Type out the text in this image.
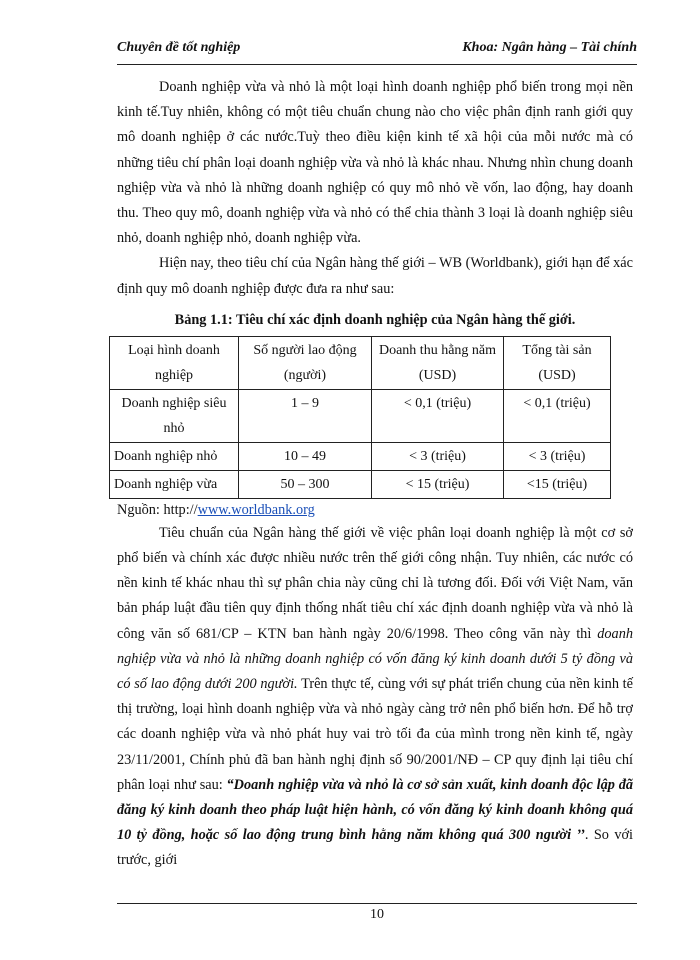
Chuyên đề tốt nghiệp	Khoa: Ngân hàng – Tài chính

Doanh nghiệp vừa và nhỏ là một loại hình doanh nghiệp phổ biến trong mọi nền kinh tế.Tuy nhiên, không có một tiêu chuẩn chung nào cho việc phân định ranh giới quy mô doanh nghiệp ở các nước.Tuỳ theo điều kiện kinh tế xã hội của mỗi nước mà có những tiêu chí phân loại doanh nghiệp vừa và nhỏ là khác nhau. Nhưng nhìn chung doanh nghiệp vừa và nhỏ là những doanh nghiệp có quy mô nhỏ về vốn, lao động, hay doanh thu. Theo quy mô, doanh nghiệp vừa và nhỏ có thể chia thành 3 loại là doanh nghiệp siêu nhỏ, doanh nghiệp nhỏ, doanh nghiệp vừa.

Hiện nay, theo tiêu chí của Ngân hàng thế giới – WB (Worldbank), giới hạn để xác định quy mô doanh nghiệp được đưa ra như sau:

Bảng 1.1: Tiêu chí xác định doanh nghiệp của Ngân hàng thế giới.
Loại hình doanh nghiệp	Số người lao động (người)	Doanh thu hằng năm (USD)	Tổng tài sản (USD)
Doanh nghiệp siêu nhỏ	1 – 9	< 0,1 (triệu)	< 0,1 (triệu)
Doanh nghiệp nhỏ	10 – 49	< 3 (triệu)	< 3 (triệu)
Doanh nghiệp vừa	50 – 300	< 15 (triệu)	<15 (triệu)

Nguồn: http://www.worldbank.org

Tiêu chuẩn của Ngân hàng thế giới về việc phân loại doanh nghiệp là một cơ sở phổ biến và chính xác được nhiều nước trên thế giới công nhận. Tuy nhiên, các nước có nền kinh tế khác nhau thì sự phân chia này cũng chỉ là tương đối. Đối với Việt Nam, văn bản pháp luật đầu tiên quy định thống nhất tiêu chí xác định doanh nghiệp vừa và nhỏ là công văn số 681/CP – KTN ban hành ngày 20/6/1998. Theo công văn này thì doanh nghiệp vừa và nhỏ là những doanh nghiệp có vốn đăng ký kinh doanh dưới 5 tỷ đồng và có số lao động dưới 200 người. Trên thực tế, cùng với sự phát triển chung của nền kinh tế thị trường, loại hình doanh nghiệp vừa và nhỏ ngày càng trở nên phổ biến hơn. Để hỗ trợ các doanh nghiệp vừa và nhỏ phát huy vai trò tối đa của mình trong nền kinh tế, ngày 23/11/2001, Chính phủ đã ban hành nghị định số 90/2001/NĐ – CP quy định lại tiêu chí phân loại như sau: “Doanh nghiệp vừa và nhỏ là cơ sở sản xuất, kinh doanh độc lập đã đăng ký kinh doanh theo pháp luật hiện hành, có vốn đăng ký kinh doanh không quá 10 tỷ đồng, hoặc số lao động trung bình hằng năm không quá 300 người ’’. So với trước, giới

10
